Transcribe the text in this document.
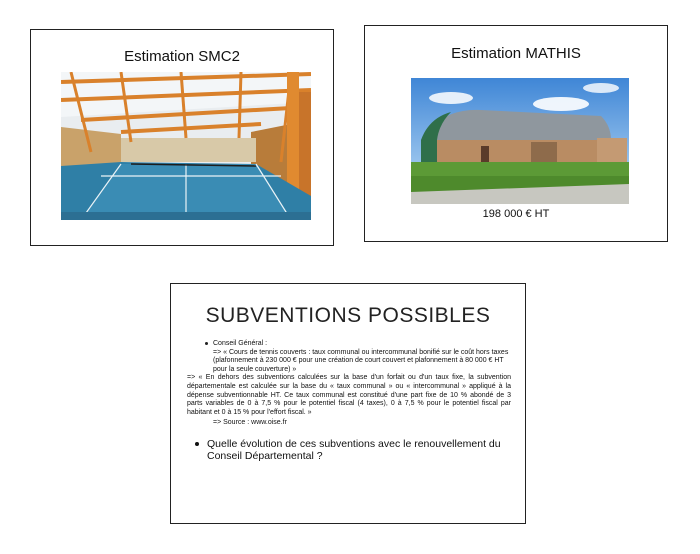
Estimation SMC2	Estimation MATHIS
198 000 € HT
SUBVENTIONS POSSIBLES
Conseil Général :
=> « Cours de tennis couverts : taux communal ou intercommunal bonifié sur le coût hors taxes (plafonnement à 230 000 € pour une création de court couvert et plafonnement à 80 000 € HT pour la seule couverture) »
=> « En dehors des subventions calculées sur la base d'un forfait ou d'un taux fixe, la subvention départementale est calculée sur la base du « taux communal » ou « intercommunal » appliqué à la dépense subventionnable HT. Ce taux communal est constitué d'une part fixe de 10 % abondé de 3 parts variables de 0 à 7,5 % pour le potentiel fiscal (4 taxes), 0 à 7,5 % pour le potentiel fiscal par habitant et 0 à 15 % pour l'effort fiscal. »
=> Source : www.oise.fr
Quelle évolution de ces subventions avec le renouvellement du Conseil Départemental ?
